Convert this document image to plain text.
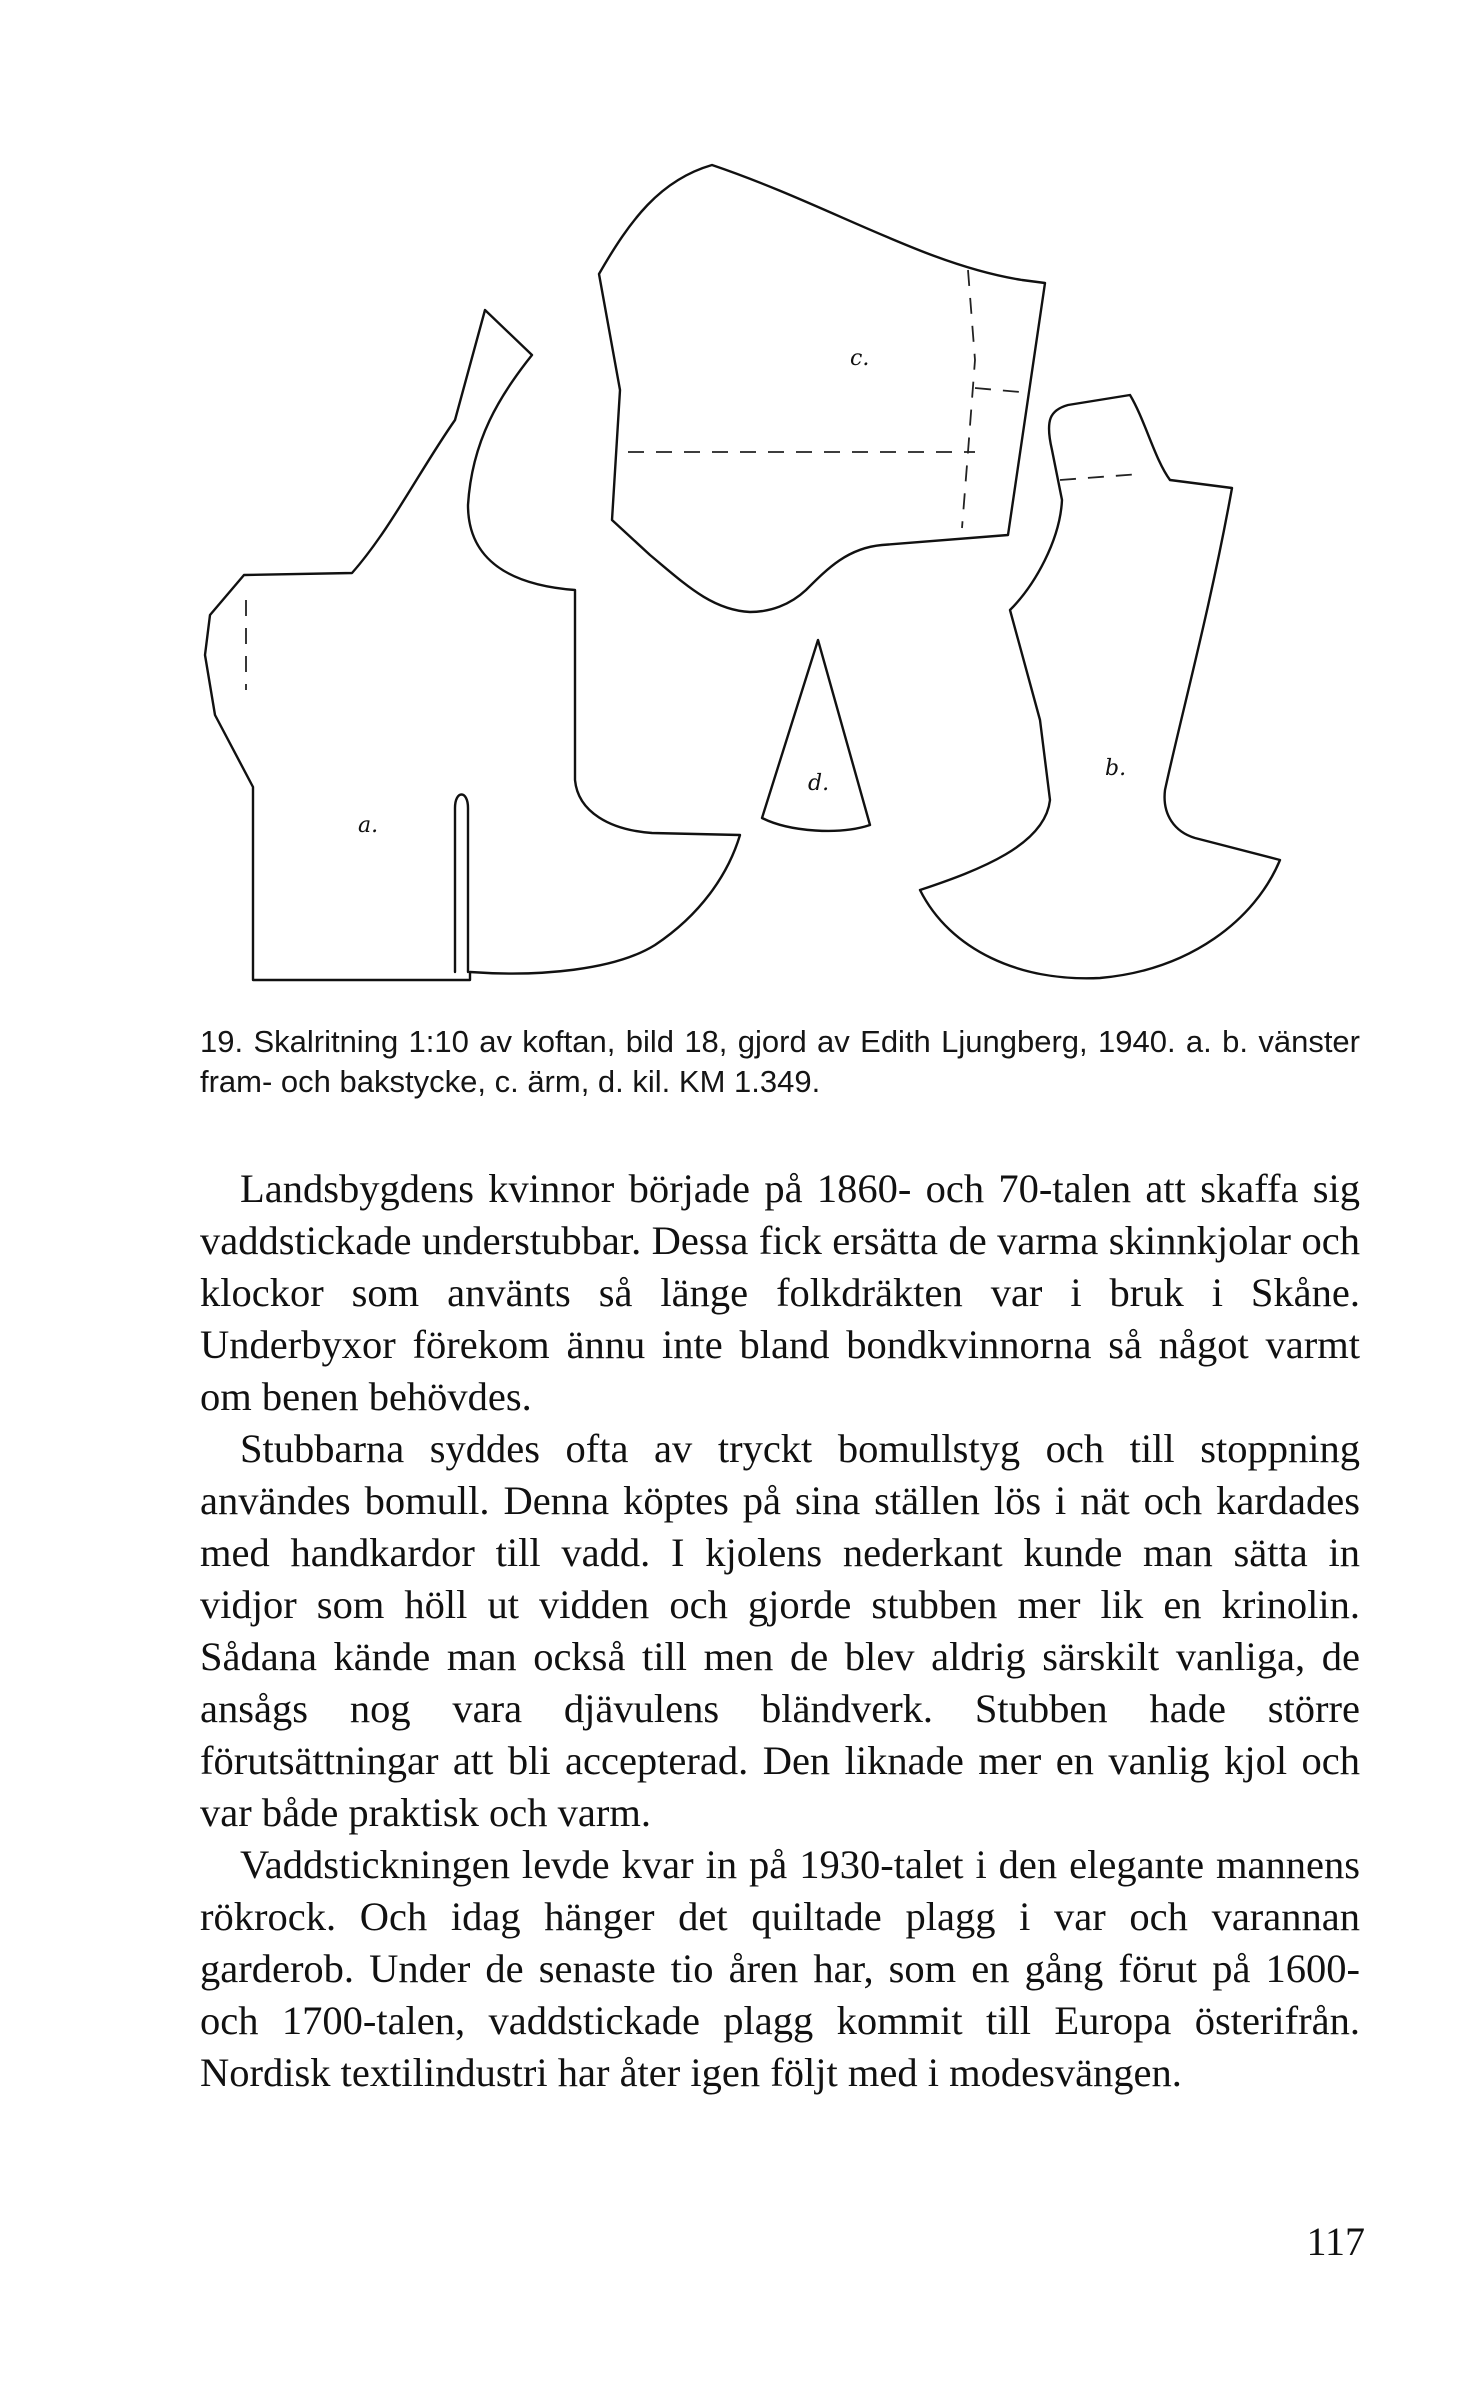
a.
b.
c.
d.
19. Skalritning 1:10 av koftan, bild 18, gjord av Edith Ljungberg, 1940. a. b. vänster fram- och bakstycke, c. ärm, d. kil. KM 1.349.

Landsbygdens kvinnor började på 1860- och 70-talen att skaffa sig vaddstickade understubbar. Dessa fick ersätta de varma skinnkjolar och klockor som använts så länge folkdräkten var i bruk i Skåne. Underbyxor förekom ännu inte bland bondkvinnorna så något varmt om benen behövdes.

Stubbarna syddes ofta av tryckt bomullstyg och till stoppning användes bomull. Denna köptes på sina ställen lös i nät och kardades med handkardor till vadd. I kjolens nederkant kunde man sätta in vidjor som höll ut vidden och gjorde stubben mer lik en krinolin. Sådana kände man också till men de blev aldrig särskilt vanliga, de ansågs nog vara djävulens bländverk. Stubben hade större förutsättningar att bli accepterad. Den liknade mer en vanlig kjol och var både praktisk och varm.

Vaddstickningen levde kvar in på 1930-talet i den elegante mannens rökrock. Och idag hänger det quiltade plagg i var och varannan garderob. Under de senaste tio åren har, som en gång förut på 1600- och 1700-talen, vaddstickade plagg kommit till Europa österifrån. Nordisk textilindustri har åter igen följt med i modesvängen.

117
